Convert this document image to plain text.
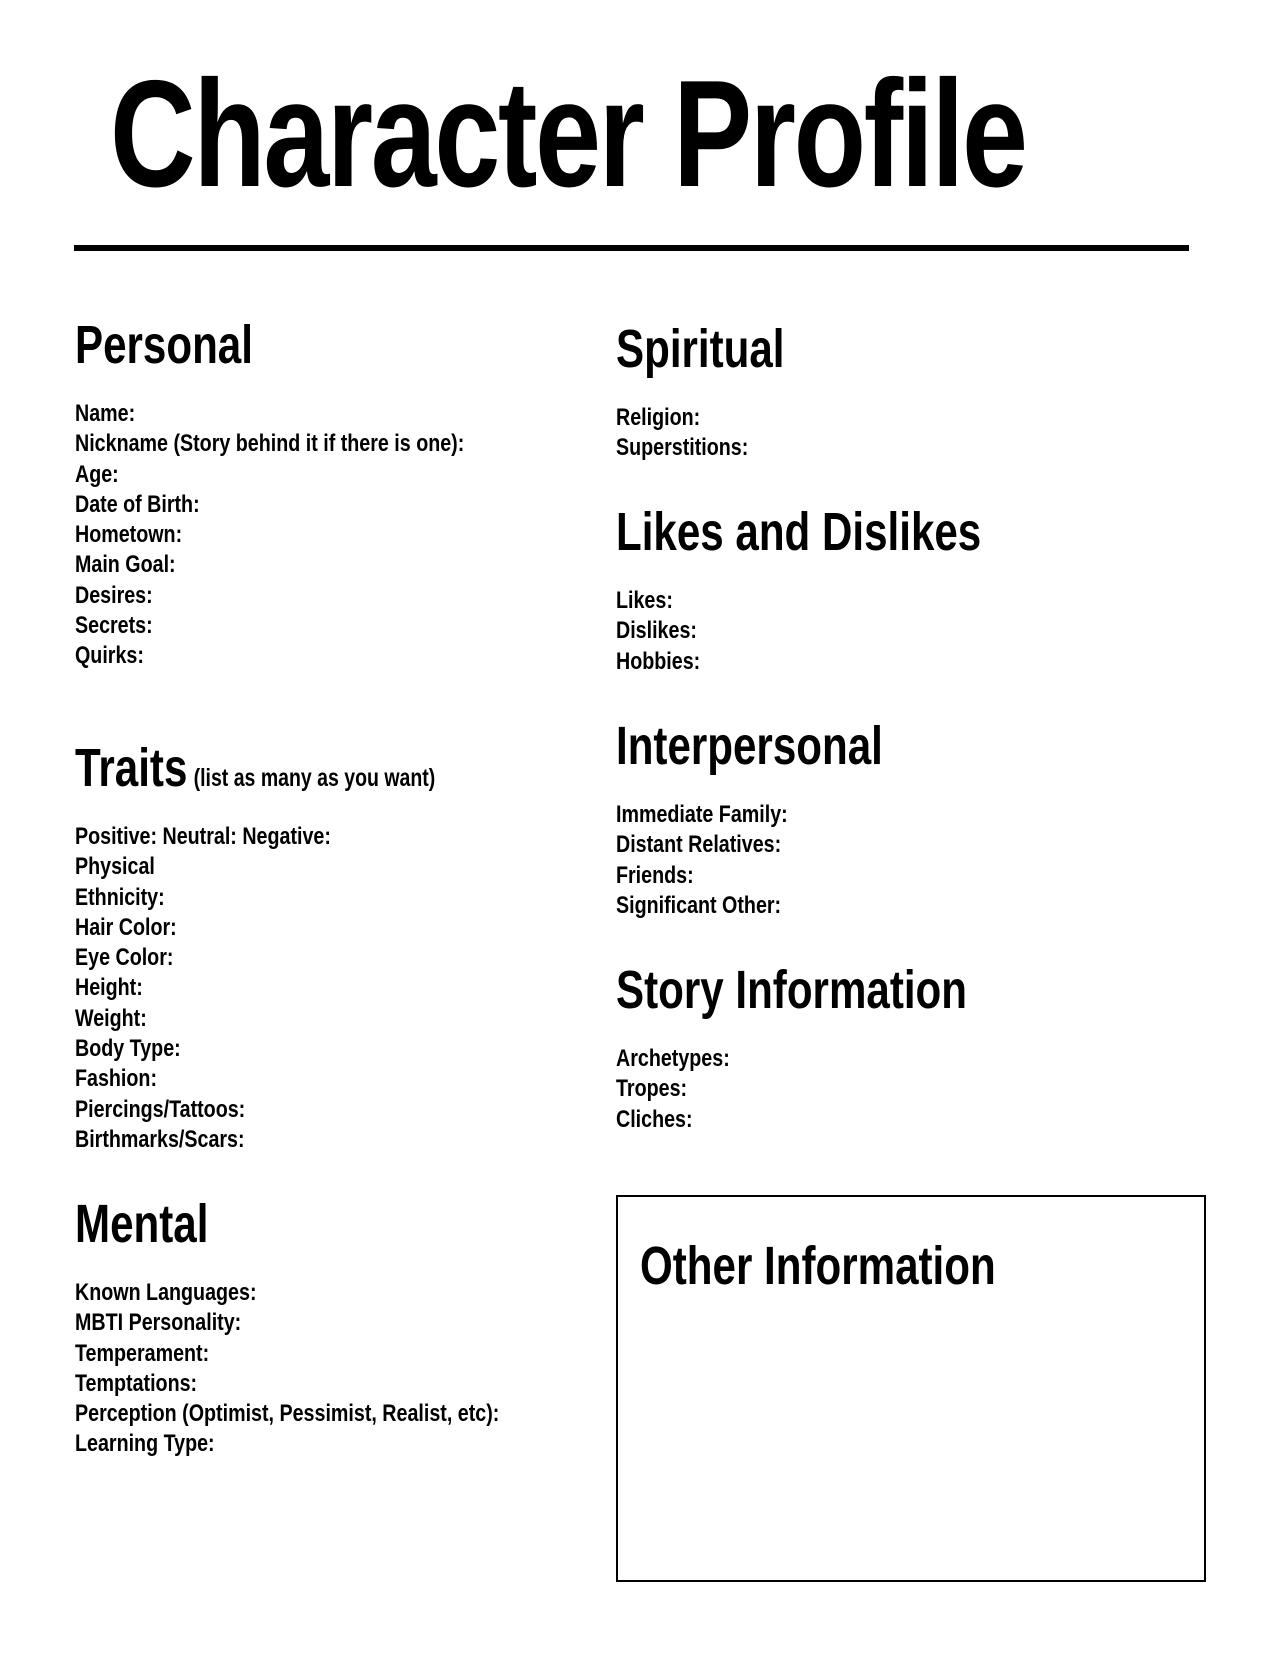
Character Profile
Personal
Name:
Nickname (Story behind it if there is one):
Age:
Date of Birth:
Hometown:
Main Goal:
Desires:
Secrets:
Quirks:
Traits (list as many as you want)
Positive: Neutral: Negative:
Physical
Ethnicity:
Hair Color:
Eye Color:
Height:
Weight:
Body Type:
Fashion:
Piercings/Tattoos:
Birthmarks/Scars:
Mental
Known Languages:
MBTI Personality:
Temperament:
Temptations:
Perception (Optimist, Pessimist, Realist, etc):
Learning Type:
Spiritual
Religion:
Superstitions:
Likes and Dislikes
Likes:
Dislikes:
Hobbies:
Interpersonal
Immediate Family:
Distant Relatives:
Friends:
Significant Other:
Story Information
Archetypes:
Tropes:
Cliches:
Other Information
